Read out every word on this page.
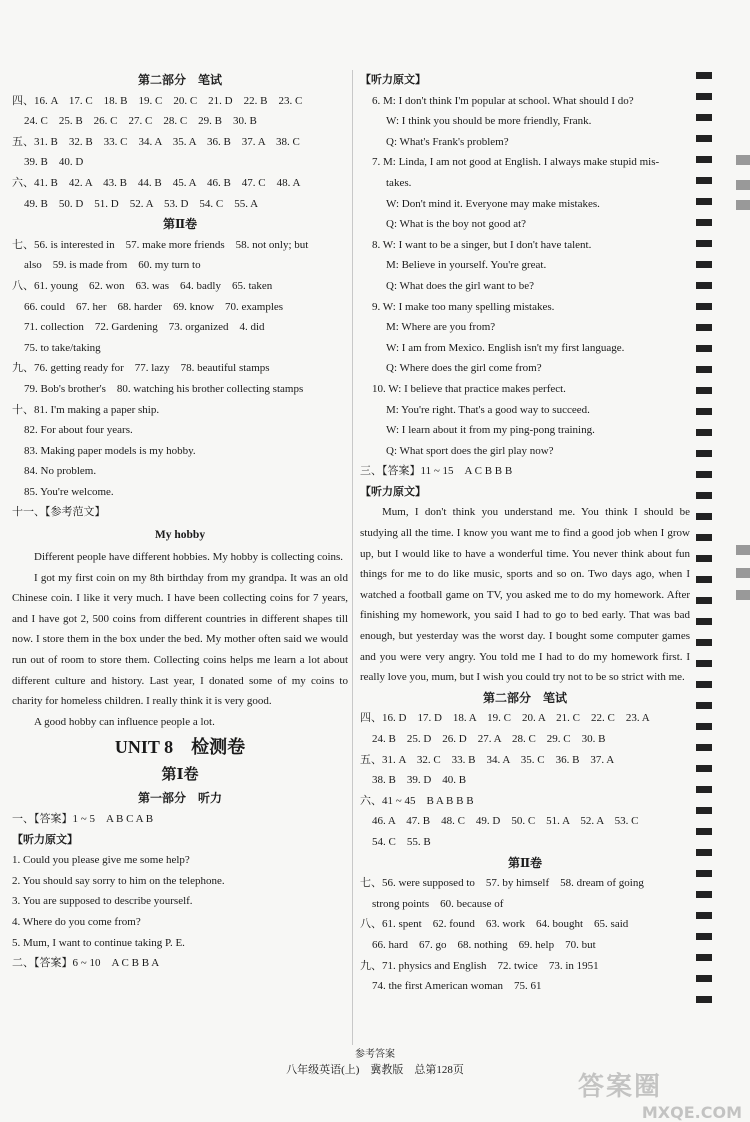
第二部分　笔试
四、16. A　17. C　18. B　19. C　20. C　21. D　22. B　23. C
24. C　25. B　26. C　27. C　28. C　29. B　30. B
五、31. B　32. B　33. C　34. A　35. A　36. B　37. A　38. C
39. B　40. D
六、41. B　42. A　43. B　44. B　45. A　46. B　47. C　48. A
49. B　50. D　51. D　52. A　53. D　54. C　55. A
第Ⅱ卷
七、56. is interested in　57. make more friends　58. not only; but
also　59. is made from　60. my turn to
八、61. young　62. won　63. was　64. badly　65. taken
66. could　67. her　68. harder　69. know　70. examples
71. collection　72. Gardening　73. organized　4. did
75. to take/taking
九、76. getting ready for　77. lazy　78. beautiful stamps
79. Bob's brother's　80. watching his brother collecting stamps
十、81. I'm making a paper ship.
82. For about four years.
83. Making paper models is my hobby.
84. No problem.
85. You're welcome.
十一、【参考范文】
My hobby

Different people have different hobbies. My hobby is collecting coins.

I got my first coin on my 8th birthday from my grandpa. It was an old Chinese coin. I like it very much. I have been collecting coins for 7 years, and I have got 2, 500 coins from different countries in different shapes till now. I store them in the box under the bed. My mother often said we would run out of room to store them. Collecting coins helps me learn a lot about different culture and history. Last year, I donated some of my coins to charity for homeless children. I really think it is very good.

A good hobby can influence people a lot.

UNIT 8　检测卷
第Ⅰ卷
第一部分　听力
一、【答案】1 ~ 5　A B C A B
【听力原文】
1. Could you please give me some help?
2. You should say sorry to him on the telephone.
3. You are supposed to describe yourself.
4. Where do you come from?
5. Mum, I want to continue taking P. E.
二、【答案】6 ~ 10　A C B B A
【听力原文】
6. M: I don't think I'm popular at school. What should I do?
W: I think you should be more friendly, Frank.
Q: What's Frank's problem?
7. M: Linda, I am not good at English. I always make stupid mis-
takes.
W: Don't mind it. Everyone may make mistakes.
Q: What is the boy not good at?
8. W: I want to be a singer, but I don't have talent.
M: Believe in yourself. You're great.
Q: What does the girl want to be?
9. W: I make too many spelling mistakes.
M: Where are you from?
W: I am from Mexico. English isn't my first language.
Q: Where does the girl come from?
10. W: I believe that practice makes perfect.
M: You're right. That's a good way to succeed.
W: I learn about it from my ping-pong training.
Q: What sport does the girl play now?
三、【答案】11 ~ 15　A C B B B
【听力原文】

Mum, I don't think you understand me. You think I should be studying all the time. I know you want me to find a good job when I grow up, but I would like to have a wonderful time. You never think about fun things for me to do like music, sports and so on. Two days ago, when I watched a football game on TV, you asked me to do my homework. After finishing my homework, you said I had to go to bed early. That was bad enough, but yesterday was the worst day. I bought some computer games and you were very angry. You told me I had to do my homework first. I really love you, mum, but I wish you could try not to be so strict with me.

第二部分　笔试
四、16. D　17. D　18. A　19. C　20. A　21. C　22. C　23. A
24. B　25. D　26. D　27. A　28. C　29. C　30. B
五、31. A　32. C　33. B　34. A　35. C　36. B　37. A
38. B　39. D　40. B
六、41 ~ 45　B A B B B
46. A　47. B　48. C　49. D　50. C　51. A　52. A　53. C
54. C　55. B
第Ⅱ卷
七、56. were supposed to　57. by himself　58. dream of going
strong points　60. because of
八、61. spent　62. found　63. work　64. bought　65. said
66. hard　67. go　68. nothing　69. help　70. but
九、71. physics and English　72. twice　73. in 1951
74. the first American woman　75. 61
参考答案
八年级英语(上)　冀教版　总第128页
答案圈
MXQE.COM
